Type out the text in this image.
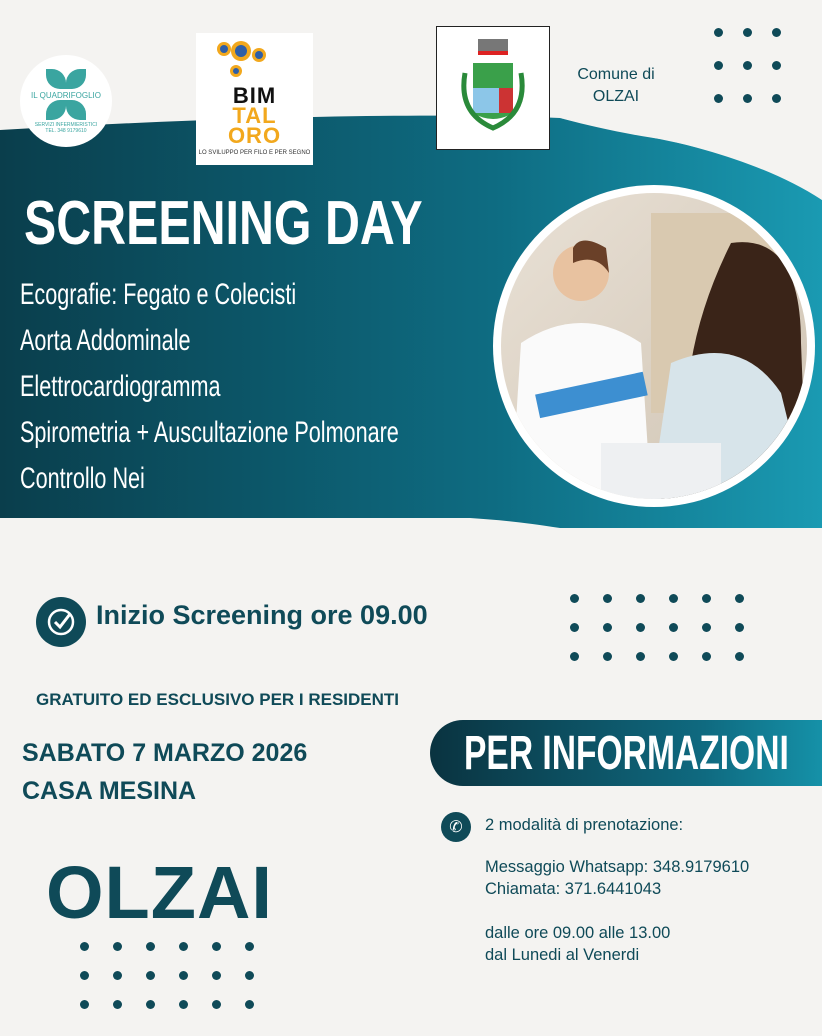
IL QUADRIFOGLIO
SERVIZI INFERMIERISTICI
TEL. 348 9179610
BIM
TAL
ORO
LO SVILUPPO PER FILO E PER SEGNO
Comune di
OLZAI
SCREENING DAY
Ecografie: Fegato e Colecisti
Aorta Addominale
Elettrocardiogramma
Spirometria + Auscultazione Polmonare
Controllo Nei
Inizio Screening ore 09.00
GRATUITO ED ESCLUSIVO PER I RESIDENTI
SABATO 7 MARZO 2026
CASA MESINA
OLZAI
PER INFORMAZIONI
✆	2 modalità di prenotazione:
Messaggio Whatsapp: 348.9179610
Chiamata: 371.6441043
dalle ore 09.00 alle 13.00
dal Lunedi al Venerdi
